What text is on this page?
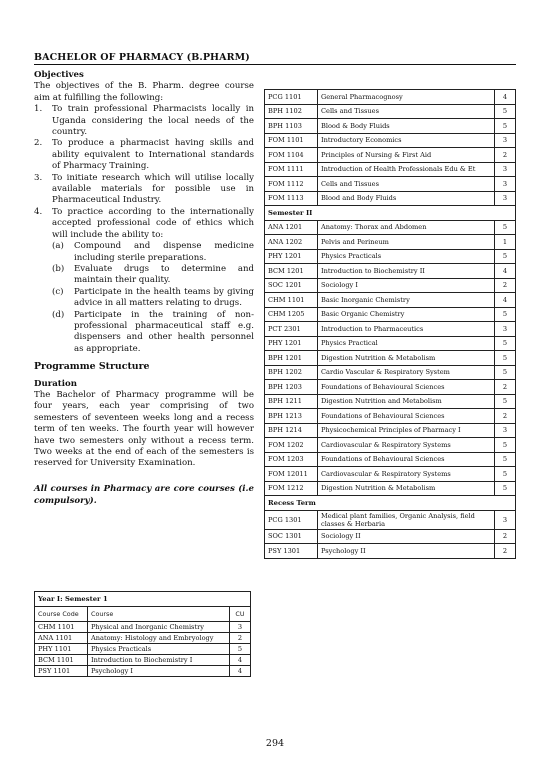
BACHELOR OF PHARMACY (B.PHARM)

Objectives

The objectives of the B. Pharm. degree course aim at fulfilling the following:

1. To train professional Pharmacists locally in Uganda considering the local needs of the country.
2. To produce a pharmacist having skills and ability equivalent to International standards of Pharmacy Training.
3. To initiate research which will utilise locally available materials for possible use in Pharmaceutical Industry.
4. To practice according to the internationally accepted professional code of ethics which will include the ability to:
(a) Compound and dispense medicine including sterile preparations.
(b) Evaluate drugs to determine and maintain their quality.
(c) Participate in the health teams by giving advice in all matters relating to drugs.
(d) Participate in the training of non-professional pharmaceutical staff e.g. dispensers and other health personnel as appropriate.

Programme Structure

Duration

The Bachelor of Pharmacy programme will be four years, each year comprising of two semesters of seventeen weeks long and a recess term of ten weeks. The fourth year will however have two semesters only without a recess term. Two weeks at the end of each of the semesters is reserved for University Examination.

All courses in Pharmacy are core courses (i.e compulsory).

Year I: Semester 1		
Course Code	Course	CU
CHM 1101	Physical and Inorganic Chemistry	3
ANA 1101	Anatomy: Histology and Embryology	2
PHY 1101	Physics Practicals	5
BCM 1101	Introduction to Biochemistry I	4
PSY 1101	Psychology I	4
PCG 1101	General Pharmacognosy	4
BPH 1102	Cells and Tissues	5
BPH 1103	Blood & Body Fluids	5
FOM 1101	Introductory Economics	3
FOM 1104	Principles of Nursing & First Aid	2
FOM 1111	Introduction of Health Professionals Edu & Et	3
FOM 1112	Cells and Tissues	3
FOM 1113	Blood and Body Fluids	3
Semester II		
ANA 1201	Anatomy: Thorax and Abdomen	5
ANA 1202	Pelvis and Perineum	1
PHY 1201	Physics Practicals	5
BCM 1201	Introduction to Biochemistry II	4
SOC 1201	Sociology I	2
CHM 1101	Basic Inorganic Chemistry	4
CHM 1205	Basic Organic Chemistry	5
PCT 2301	Introduction to Pharmaceutics	3
PHY 1201	Physics Practical	5
BPH 1201	Digestion Nutrition & Metabolism	5
BPH 1202	Cardio Vascular & Respiratory System	5
BPH 1203	Foundations of Behavioural Sciences	2
BPH 1211	Digestion Nutrition and Metabolism	5
BPH 1213	Foundations of Behavioural Sciences	2
BPH 1214	Physicochemical Principles of Pharmacy I	3
FOM 1202	Cardiovascular & Respiratory Systems	5
FOM 1203	Foundations of Behavioural Sciences	5
FOM 12011	Cardiovascular & Respiratory Systems	5
FOM 1212	Digestion Nutrition & Metabolism	5
Recess Term		
PCG 1301	Medical plant families, Organic Analysis, field classes & Herbaria	3
SOC 1301	Sociology II	2
PSY 1301	Psychology II	2
294
